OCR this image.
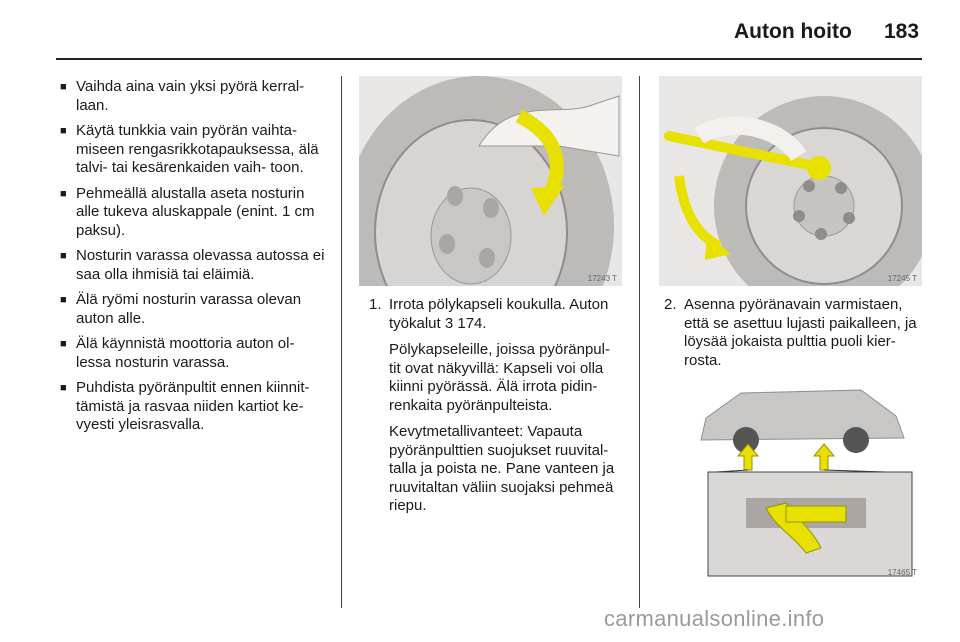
Auton hoito 183
■ Vaihda aina vain yksi pyörä kerral- laan.
■ Käytä tunkkia vain pyörän vaihta- miseen rengasrikkotapauksessa, älä talvi- tai kesärenkaiden vaih- toon.
■ Pehmeällä alustalla aseta nosturin alle tukeva aluskappale (enint. 1 cm paksu).
■ Nosturin varassa olevassa autossa ei saa olla ihmisiä tai eläimiä.
■ Älä ryömi nosturin varassa olevan auton alle.
■ Älä käynnistä moottoria auton ol- lessa nosturin varassa.
■ Puhdista pyöränpultit ennen kiinnit- tämistä ja rasvaa niiden kartiot ke- vyesti yleisrasvalla.
17243 T	17245 T
17465 T
1. Irrota pölykapseli koukulla. Auton työkalut 3 174.

Pölykapseleille, joissa pyöränpul- tit ovat näkyvillä: Kapseli voi olla kiinni pyörässä. Älä irrota pidin- renkaita pyöränpulteista.

Kevytmetallivanteet: Vapauta pyöränpulttien suojukset ruuvital- talla ja poista ne. Pane vanteen ja ruuvitaltan väliin suojaksi pehmeä riepu.

2. Asenna pyöränavain varmistaen, että se asettuu lujasti paikalleen, ja löysää jokaista pulttia puoli kier- rosta.
carmanualsonline.info
